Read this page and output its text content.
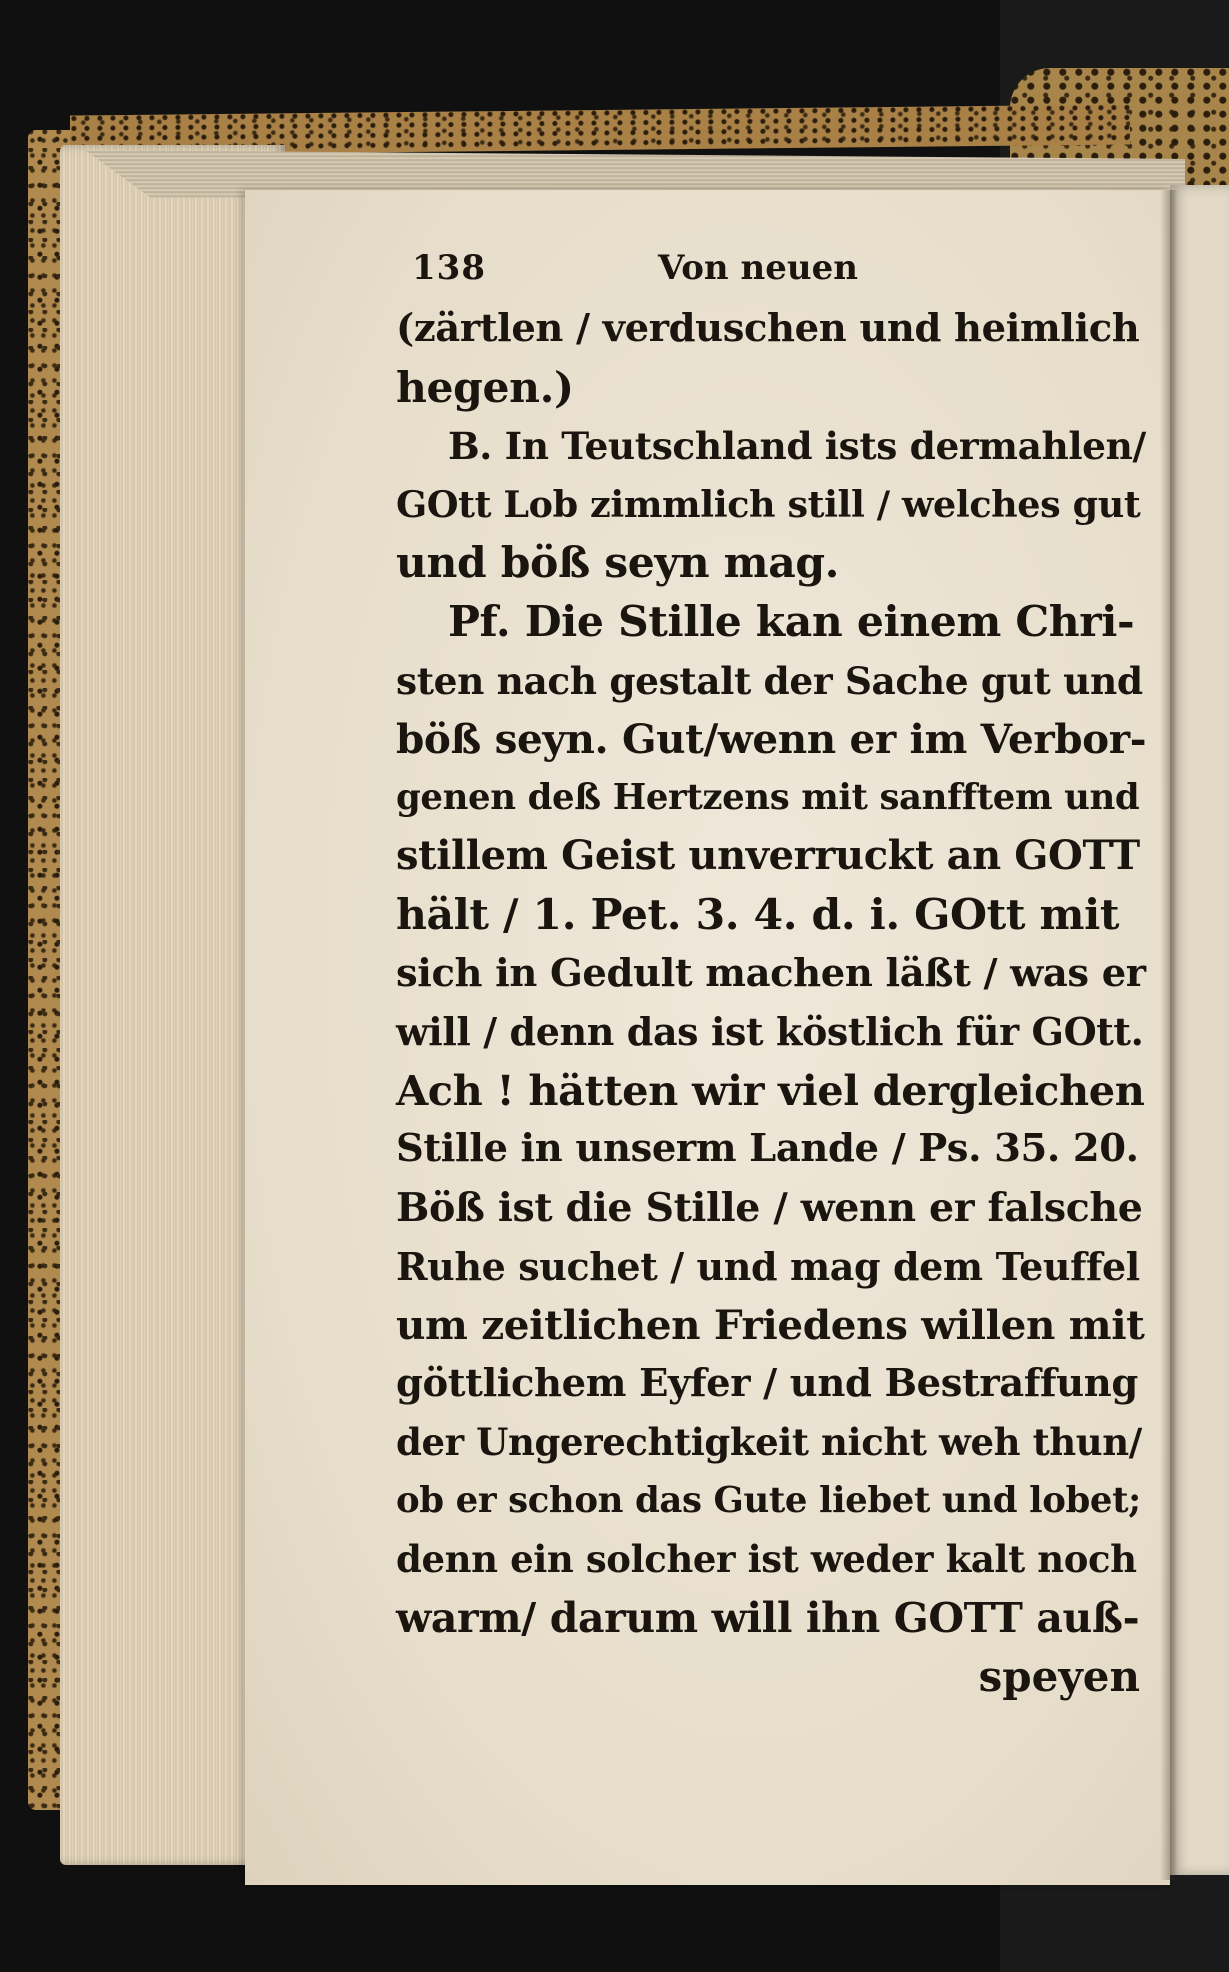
138	Von neuen
(zärtlen / verduschen und heimlich
hegen.)
B. In Teutschland ists dermahlen/
GOtt Lob zimmlich still / welches gut
und böß seyn mag.
Pf. Die Stille kan einem Chri-
sten nach gestalt der Sache gut und
böß seyn. Gut/wenn er im Verbor-
genen deß Hertzens mit sanfftem und
stillem Geist unverruckt an GOTT
hält / 1. Pet. 3. 4. d. i. GOtt mit
sich in Gedult machen läßt / was er
will / denn das ist köstlich für GOtt.
Ach ! hätten wir viel dergleichen
Stille in unserm Lande / Ps. 35. 20.
Böß ist die Stille / wenn er falsche
Ruhe suchet / und mag dem Teuffel
um zeitlichen Friedens willen mit
göttlichem Eyfer / und Bestraffung
der Ungerechtigkeit nicht weh thun/
ob er schon das Gute liebet und lobet;
denn ein solcher ist weder kalt noch
warm/ darum will ihn GOTT auß-
speyen
